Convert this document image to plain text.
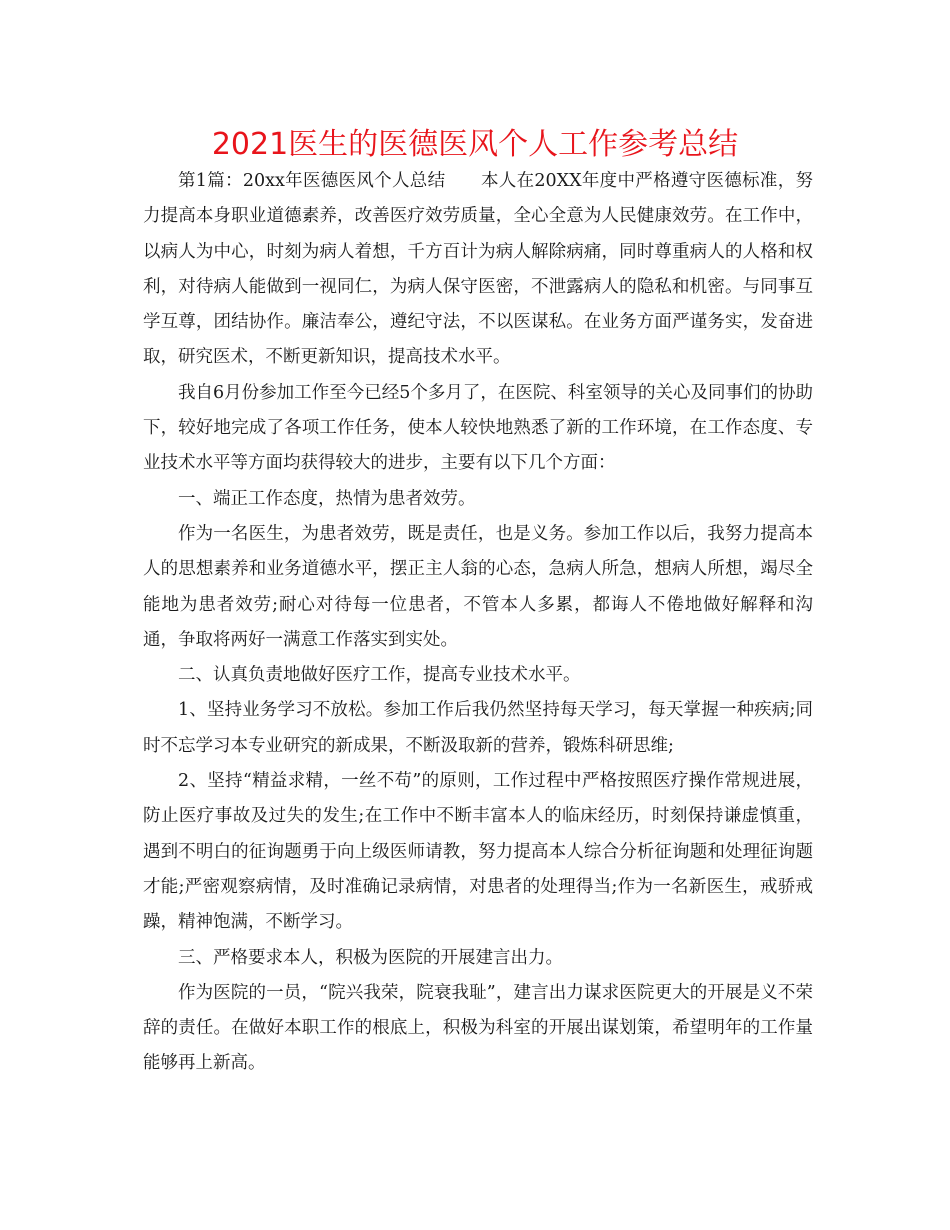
2021医生的医德医风个人工作参考总结

第1篇：20xx年医德医风个人总结　　本人在20XX年度中严格遵守医德标准，努力提高本身职业道德素养，改善医疗效劳质量，全心全意为人民健康效劳。在工作中，以病人为中心，时刻为病人着想，千方百计为病人解除病痛，同时尊重病人的人格和权利，对待病人能做到一视同仁，为病人保守医密，不泄露病人的隐私和机密。与同事互学互尊，团结协作。廉洁奉公，遵纪守法，不以医谋私。在业务方面严谨务实，发奋进取，研究医术，不断更新知识，提高技术水平。

我自6月份参加工作至今已经5个多月了，在医院、科室领导的关心及同事们的协助下，较好地完成了各项工作任务，使本人较快地熟悉了新的工作环境，在工作态度、专业技术水平等方面均获得较大的进步，主要有以下几个方面：

一、端正工作态度，热情为患者效劳。

作为一名医生，为患者效劳，既是责任，也是义务。参加工作以后，我努力提高本人的思想素养和业务道德水平，摆正主人翁的心态，急病人所急，想病人所想，竭尽全能地为患者效劳;耐心对待每一位患者，不管本人多累，都诲人不倦地做好解释和沟通，争取将两好一满意工作落实到实处。

二、认真负责地做好医疗工作，提高专业技术水平。

1、坚持业务学习不放松。参加工作后我仍然坚持每天学习，每天掌握一种疾病;同时不忘学习本专业研究的新成果，不断汲取新的营养，锻炼科研思维;

2、坚持“精益求精，一丝不苟”的原则，工作过程中严格按照医疗操作常规进展，防止医疗事故及过失的发生;在工作中不断丰富本人的临床经历，时刻保持谦虚慎重，遇到不明白的征询题勇于向上级医师请教，努力提高本人综合分析征询题和处理征询题才能;严密观察病情，及时准确记录病情，对患者的处理得当;作为一名新医生，戒骄戒躁，精神饱满，不断学习。

三、严格要求本人，积极为医院的开展建言出力。

作为医院的一员，“院兴我荣，院衰我耻”，建言出力谋求医院更大的开展是义不荣辞的责任。在做好本职工作的根底上，积极为科室的开展出谋划策，希望明年的工作量能够再上新高。
